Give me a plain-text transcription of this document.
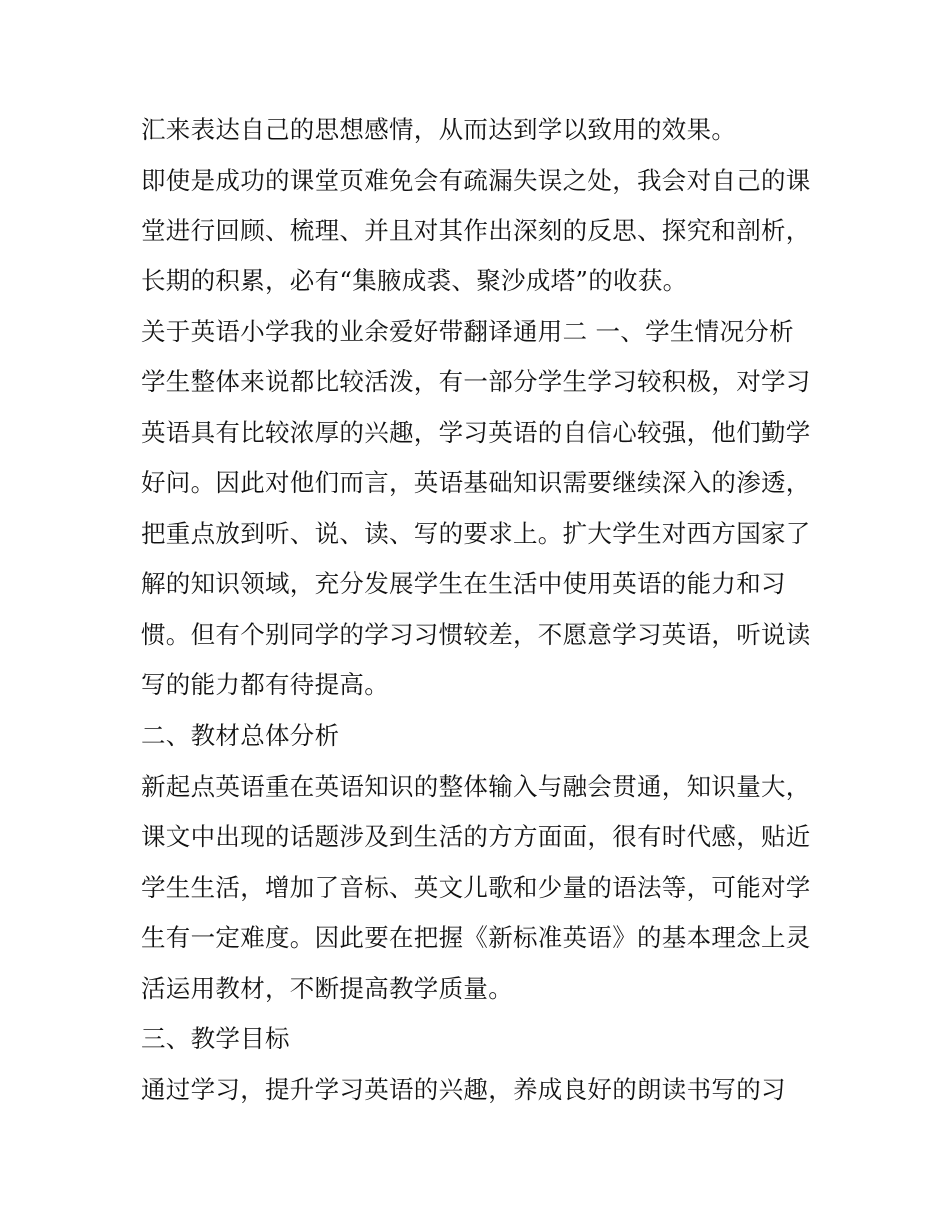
汇来表达自己的思想感情，从而达到学以致用的效果。
即使是成功的课堂页难免会有疏漏失误之处，我会对自己的课
堂进行回顾、梳理、并且对其作出深刻的反思、探究和剖析，
长期的积累，必有“集腋成裘、聚沙成塔”的收获。
关于英语小学我的业余爱好带翻译通用二 一、学生情况分析
学生整体来说都比较活泼，有一部分学生学习较积极，对学习
英语具有比较浓厚的兴趣，学习英语的自信心较强，他们勤学
好问。因此对他们而言，英语基础知识需要继续深入的渗透，
把重点放到听、说、读、写的要求上。扩大学生对西方国家了
解的知识领域，充分发展学生在生活中使用英语的能力和习
惯。但有个别同学的学习习惯较差，不愿意学习英语，听说读
写的能力都有待提高。
二、教材总体分析
新起点英语重在英语知识的整体输入与融会贯通，知识量大，
课文中出现的话题涉及到生活的方方面面，很有时代感，贴近
学生生活，增加了音标、英文儿歌和少量的语法等，可能对学
生有一定难度。因此要在把握《新标准英语》的基本理念上灵
活运用教材，不断提高教学质量。
三、教学目标
通过学习，提升学习英语的兴趣，养成良好的朗读书写的习
